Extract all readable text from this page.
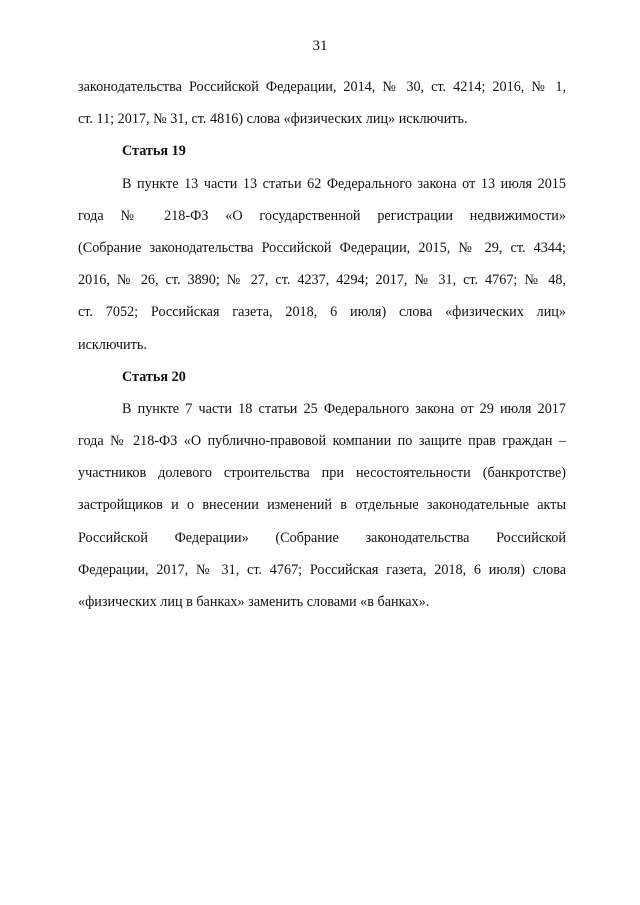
31
законодательства Российской Федерации, 2014, № 30, ст. 4214; 2016, № 1,
ст. 11; 2017, № 31, ст. 4816) слова «физических лиц» исключить.
Статья 19
В пункте 13 части 13 статьи 62 Федерального закона от 13 июля 2015
года № 218-ФЗ «О государственной регистрации недвижимости»
(Собрание законодательства Российской Федерации, 2015, № 29, ст. 4344;
2016, № 26, ст. 3890; № 27, ст. 4237, 4294; 2017, № 31, ст. 4767; № 48,
ст. 7052; Российская газета, 2018, 6 июля) слова «физических лиц»
исключить.
Статья 20
В пункте 7 части 18 статьи 25 Федерального закона от 29 июля 2017
года № 218-ФЗ «О публично-правовой компании по защите прав граждан –
участников долевого строительства при несостоятельности (банкротстве)
застройщиков и о внесении изменений в отдельные законодательные акты
Российской Федерации» (Собрание законодательства Российской
Федерации, 2017, № 31, ст. 4767; Российская газета, 2018, 6 июля) слова
«физических лиц в банках» заменить словами «в банках».
